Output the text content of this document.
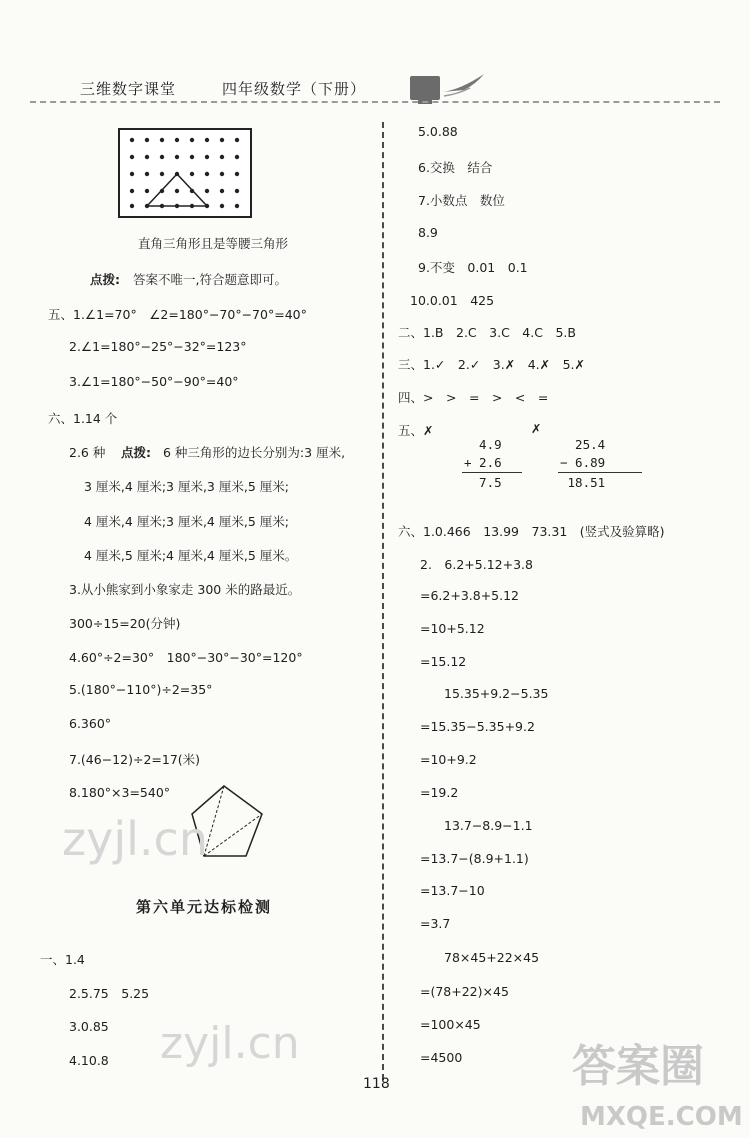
三维数字课堂	四年级数学（下册）
直角三角形且是等腰三角形
点拨: 答案不唯一,符合题意即可。
五、1.∠1=70°　∠2=180°−70°−70°=40°
2.∠1=180°−25°−32°=123°
3.∠1=180°−50°−90°=40°
六、1.14 个
2.6 种 点拨: 6 种三角形的边长分别为:3 厘米,
3 厘米,4 厘米;3 厘米,3 厘米,5 厘米;
4 厘米,4 厘米;3 厘米,4 厘米,5 厘米;
4 厘米,5 厘米;4 厘米,4 厘米,5 厘米。
3.从小熊家到小象家走 300 米的路最近。
300÷15=20(分钟)
4.60°÷2=30°　180°−30°−30°=120°
5.(180°−110°)÷2=35°
6.360°
7.(46−12)÷2=17(米)
8.180°×3=540°
zyjl.cn
第六单元达标检测
一、1.4
2.5.75　5.25
3.0.85
4.10.8 zyjl.cn
5.0.88
6.交换　结合
7.小数点　数位
8.9
9.不变　0.01　0.1
10.0.01　425
二、1.B　2.C　3.C　4.C　5.B
三、1.✓　2.✓　3.✗　4.✗　5.✗
四、>　>　=　>　<　=
五、✗	✗
4.9
+ 2.6
7.5
25.4
− 6.89
18.51
六、1.0.466　13.99　73.31　(竖式及验算略)
2.　6.2+5.12+3.8
=6.2+3.8+5.12
=10+5.12
=15.12
15.35+9.2−5.35
=15.35−5.35+9.2
=10+9.2
=19.2
13.7−8.9−1.1
=13.7−(8.9+1.1)
=13.7−10
=3.7
78×45+22×45
=(78+22)×45
=100×45
=4500
118	答案圈
MXQE.COM
